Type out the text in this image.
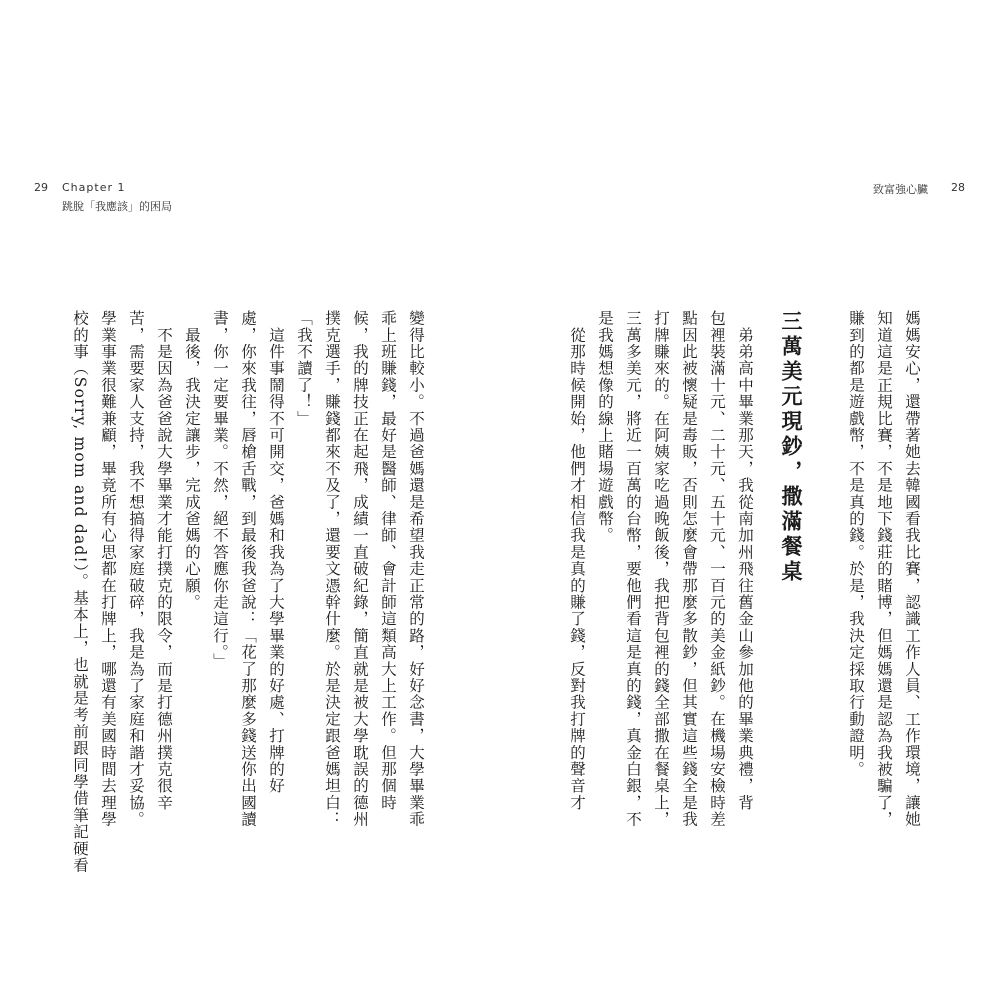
29 Chapter 1
跳脫「我應該」的困局
致富強心臟 28
媽媽安心，還帶著她去韓國看我比賽，認識工作人員、工作環境，讓她
知道這是正規比賽，不是地下錢莊的賭博，但媽媽還是認為我被騙了，
賺到的都是遊戲幣，不是真的錢。於是，我決定採取行動證明。
三萬美元現鈔，撒滿餐桌
　弟弟高中畢業那天，我從南加州飛往舊金山參加他的畢業典禮，背
包裡裝滿十元、二十元、五十元、一百元的美金紙鈔。在機場安檢時差
點因此被懷疑是毒販，否則怎麼會帶那麼多散鈔，但其實這些錢全是我
打牌賺來的。在阿姨家吃過晚飯後，我把背包裡的錢全部撒在餐桌上，
三萬多美元，將近一百萬的台幣，要他們看這是真的錢，真金白銀，不
是我媽想像的線上賭場遊戲幣。
　從那時候開始，他們才相信我是真的賺了錢，反對我打牌的聲音才
變得比較小。不過爸媽還是希望我走正常的路，好好念書，大學畢業乖
乖上班賺錢，最好是醫師、律師、會計師這類高大上工作。但那個時
候，我的牌技正在起飛，成績一直破紀錄，簡直就是被大學耽誤的德州
撲克選手，賺錢都來不及了，還要文憑幹什麼。於是決定跟爸媽坦白：
「我不讀了！」
　這件事鬧得不可開交，爸媽和我為了大學畢業的好處、打牌的好
處，你來我往，唇槍舌戰，到最後我爸說：「花了那麼多錢送你出國讀
書，你一定要畢業。不然，絕不答應你走這行。」
　最後，我決定讓步，完成爸媽的心願。
　不是因為爸爸說大學畢業才能打撲克的限令，而是打德州撲克很辛
苦，需要家人支持，我不想搞得家庭破碎，我是為了家庭和諧才妥協。
學業事業很難兼顧，畢竟所有心思都在打牌上，哪還有美國時間去理學
校的事（Sorry, mom and dad!）。基本上，也就是考前跟同學借筆記硬看
